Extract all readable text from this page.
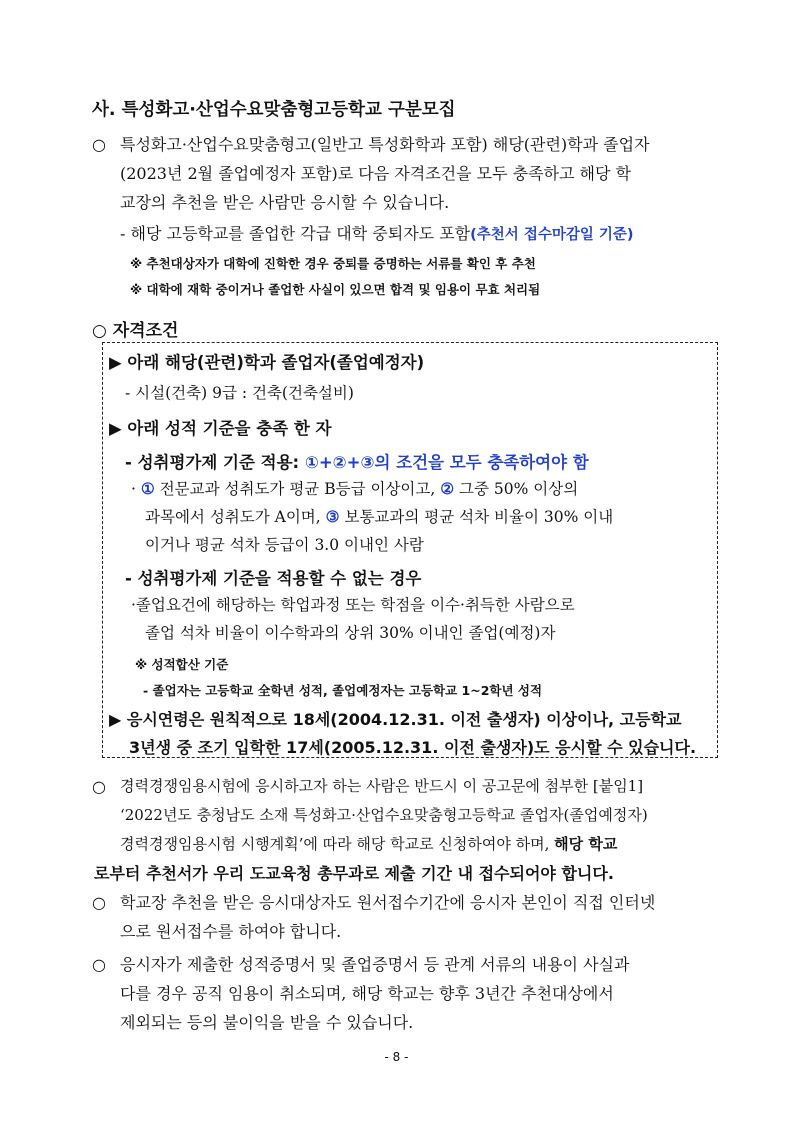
사. 특성화고·산업수요맞춤형고등학교 구분모집
○ 특성화고·산업수요맞춤형고(일반고 특성화학과 포함) 해당(관련)학과 졸업자
(2023년 2월 졸업예정자 포함)로 다음 자격조건을 모두 충족하고 해당 학
교장의 추천을 받은 사람만 응시할 수 있습니다.
- 해당 고등학교를 졸업한 각급 대학 중퇴자도 포함(추천서 접수마감일 기준)
※ 추천대상자가 대학에 진학한 경우 중퇴를 증명하는 서류를 확인 후 추천
※ 대학에 재학 중이거나 졸업한 사실이 있으면 합격 및 임용이 무효 처리됨
○ 자격조건
▶ 아래 해당(관련)학과 졸업자(졸업예정자)
- 시설(건축) 9급 : 건축(건축설비)
▶ 아래 성적 기준을 충족 한 자
- 성취평가제 기준 적용: ①+②+③의 조건을 모두 충족하여야 함
· ① 전문교과 성취도가 평균 B등급 이상이고, ② 그중 50% 이상의
과목에서 성취도가 A이며, ③ 보통교과의 평균 석차 비율이 30% 이내
이거나 평균 석차 등급이 3.0 이내인 사람
- 성취평가제 기준을 적용할 수 없는 경우
·졸업요건에 해당하는 학업과정 또는 학점을 이수·취득한 사람으로
졸업 석차 비율이 이수학과의 상위 30% 이내인 졸업(예정)자
※ 성적합산 기준
- 졸업자는 고등학교 全학년 성적, 졸업예정자는 고등학교 1~2학년 성적
▶ 응시연령은 원칙적으로 18세(2004.12.31. 이전 출생자) 이상이나, 고등학교
3년생 중 조기 입학한 17세(2005.12.31. 이전 출생자)도 응시할 수 있습니다.
○ 경력경쟁임용시험에 응시하고자 하는 사람은 반드시 이 공고문에 첨부한 [붙임1]
‘2022년도 충청남도 소재 특성화고·산업수요맞춤형고등학교 졸업자(졸업예정자)
경력경쟁임용시험 시행계획’에 따라 해당 학교로 신청하여야 하며, 해당 학교
로부터 추천서가 우리 도교육청 총무과로 제출 기간 내 접수되어야 합니다.
○ 학교장 추천을 받은 응시대상자도 원서접수기간에 응시자 본인이 직접 인터넷
으로 원서접수를 하여야 합니다.
○ 응시자가 제출한 성적증명서 및 졸업증명서 등 관계 서류의 내용이 사실과
다를 경우 공직 임용이 취소되며, 해당 학교는 향후 3년간 추천대상에서
제외되는 등의 불이익을 받을 수 있습니다.
- 8 -
